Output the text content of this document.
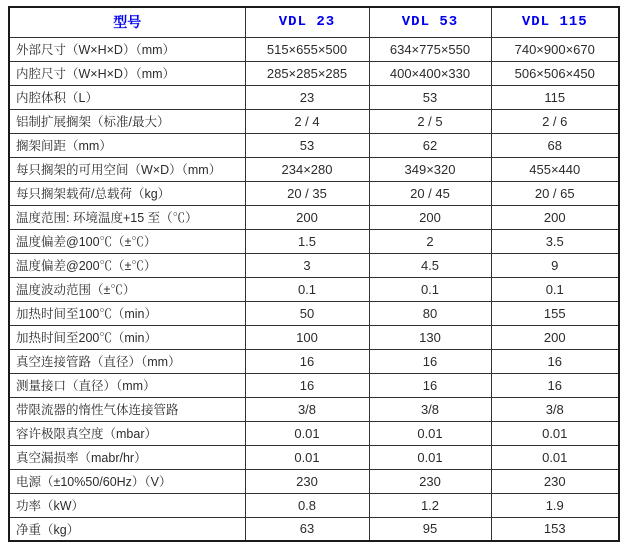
型号	VDL 23	VDL 53	VDL 115
外部尺寸（W×H×D）（mm）	515×655×500	634×775×550	740×900×670
内腔尺寸（W×H×D）（mm）	285×285×285	400×400×330	506×506×450
内腔体积（L）	23	53	115
铝制扩展搁架（标准/最大）	2 / 4	2 / 5	2 / 6
搁架间距（mm）	53	62	68
每只搁架的可用空间（W×D）（mm）	234×280	349×320	455×440
每只搁架载荷/总载荷（kg）	20 / 35	20 / 45	20 / 65
温度范围: 环境温度+15 至（℃）	200	200	200
温度偏差@100℃（±℃）	1.5	2	3.5
温度偏差@200℃（±℃）	3	4.5	9
温度波动范围（±℃）	0.1	0.1	0.1
加热时间至100℃（min）	50	80	155
加热时间至200℃（min）	100	130	200
真空连接管路（直径）（mm）	16	16	16
测量接口（直径）（mm）	16	16	16
带限流器的惰性气体连接管路	3/8	3/8	3/8
容许极限真空度（mbar）	0.01	0.01	0.01
真空漏损率（mabr/hr）	0.01	0.01	0.01
电源（±10%50/60Hz）（V）	230	230	230
功率（kW）	0.8	1.2	1.9
净重（kg）	63	95	153
